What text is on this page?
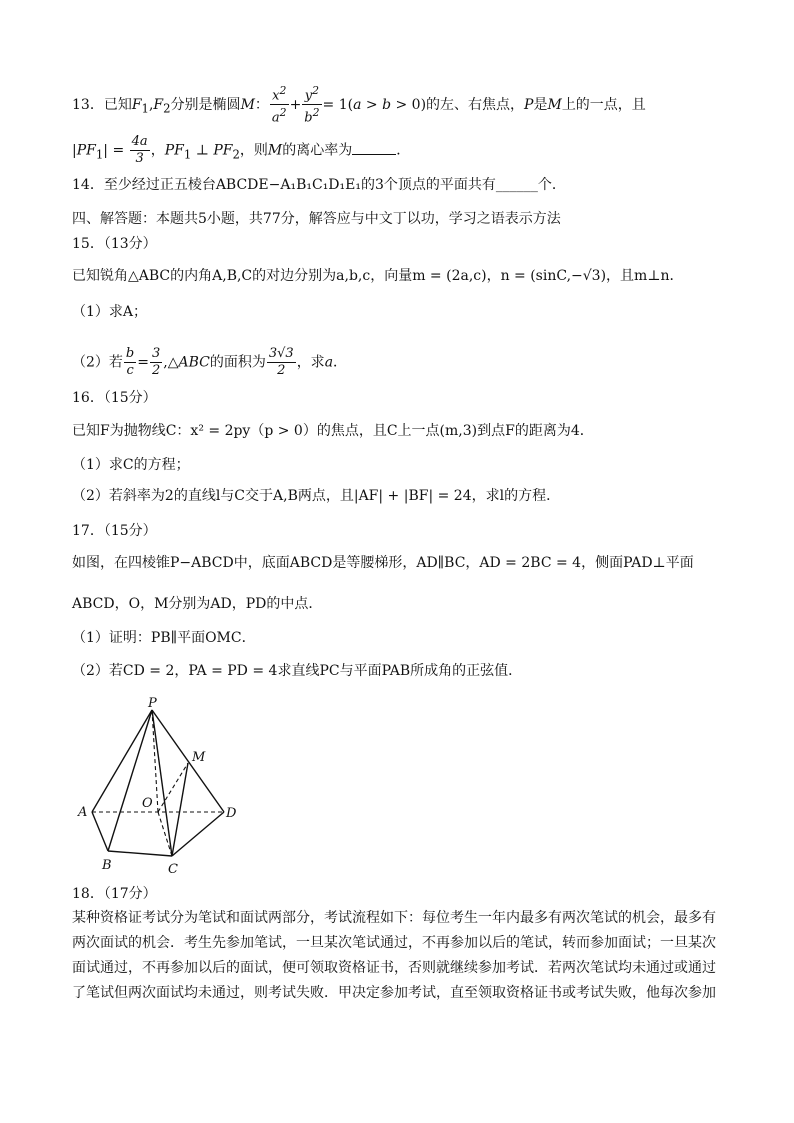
13．已知$F_1,F_2$分别是椭圆M： $\frac{x^2}{a^2} + \frac{y^2}{b^2} = 1(a > b > 0)$的左、右焦点，P是M上的一点，且
$|PF_1| = \frac{4a}{3}$ ，$PF_1$ ⊥ $PF_2$，则M的离心率为	．
14．至少经过正五棱台ABCDE−A₁B₁C₁D₁E₁的3个顶点的平面共有______个．
四、解答题：本题共5小题，共77分，解答应与中文丁以功，学习之语表示方法
15．（13分）
已知锐角△ABC的内角A,B,C的对边分别为a,b,c，向量m = (2a,c)，n = (sinC,−√3)，且m⊥n．
（1）求A；
（2）若 $\frac{b}{c} = \frac{3}{2}$ ,△ABC的面积为 $\frac{3√3}{2}$ ，求a．
16．（15分）
已知F为抛物线C：x² = 2py（p > 0）的焦点，且C上一点(m,3)到点F的距离为4．
（1）求C的方程；
（2）若斜率为2的直线l与C交于A,B两点，且|AF| + |BF| = 24，求l的方程．
17．（15分）
如图，在四棱锥P−ABCD中，底面ABCD是等腰梯形，AD∥BC，AD = 2BC = 4，侧面PAD⊥平面
ABCD，O，M分别为AD，PD的中点．
（1）证明：PB∥平面OMC．
（2）若CD = 2，PA = PD = 4求直线PC与平面PAB所成角的正弦值．
P
M
A
O
D
B	C
18．（17分）
某种资格证考试分为笔试和面试两部分，考试流程如下：每位考生一年内最多有两次笔试的机会，最多有两次面试的机会．考生先参加笔试，一旦某次笔试通过，不再参加以后的笔试，转而参加面试；一旦某次面试通过，不再参加以后的面试，便可领取资格证书，否则就继续参加考试．若两次笔试均未通过或通过了笔试但两次面试均未通过，则考试失败．甲决定参加考试，直至领取资格证书或考试失败，他每次参加
